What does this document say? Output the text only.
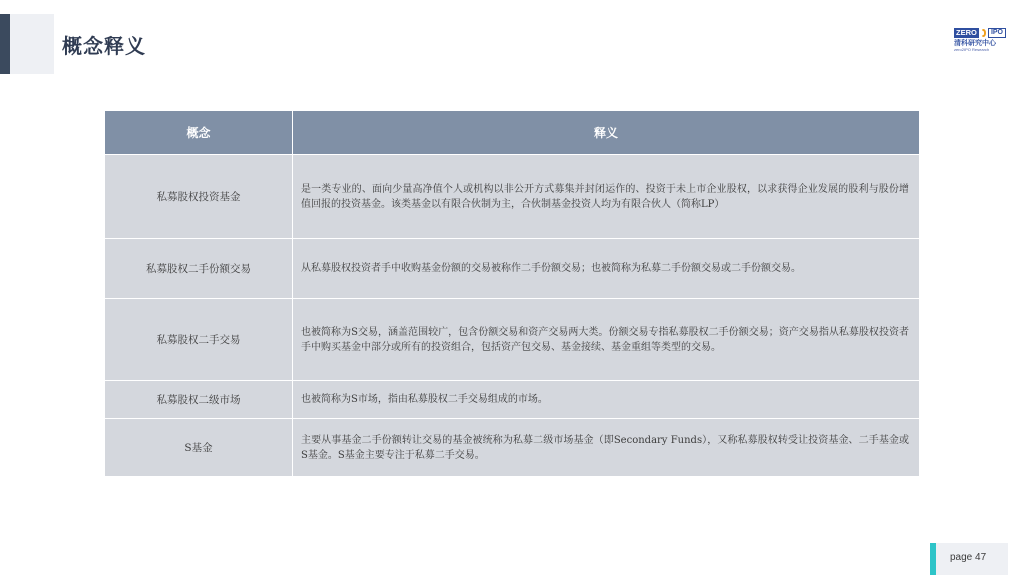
概念释义
ZERO	IPO
清科研究中心
zero2IPO Research
概念	释义
私募股权投资基金	是一类专业的、面向少量高净值个人或机构以非公开方式募集并封闭运作的、投资于未上市企业股权，以求获得企业发展的股利与股份增值回报的投资基金。该类基金以有限合伙制为主，合伙制基金投资人均为有限合伙人（简称LP）
私募股权二手份额交易	从私募股权投资者手中收购基金份额的交易被称作二手份额交易；也被简称为私募二手份额交易或二手份额交易。
私募股权二手交易	也被简称为S交易，涵盖范围较广，包含份额交易和资产交易两大类。份额交易专指私募股权二手份额交易；资产交易指从私募股权投资者手中购买基金中部分或所有的投资组合，包括资产包交易、基金接续、基金重组等类型的交易。
私募股权二级市场	也被简称为S市场，指由私募股权二手交易组成的市场。
S基金	主要从事基金二手份额转让交易的基金被统称为私募二级市场基金（即Secondary Funds），又称私募股权转受让投资基金、二手基金或S基金。S基金主要专注于私募二手交易。
page 47
